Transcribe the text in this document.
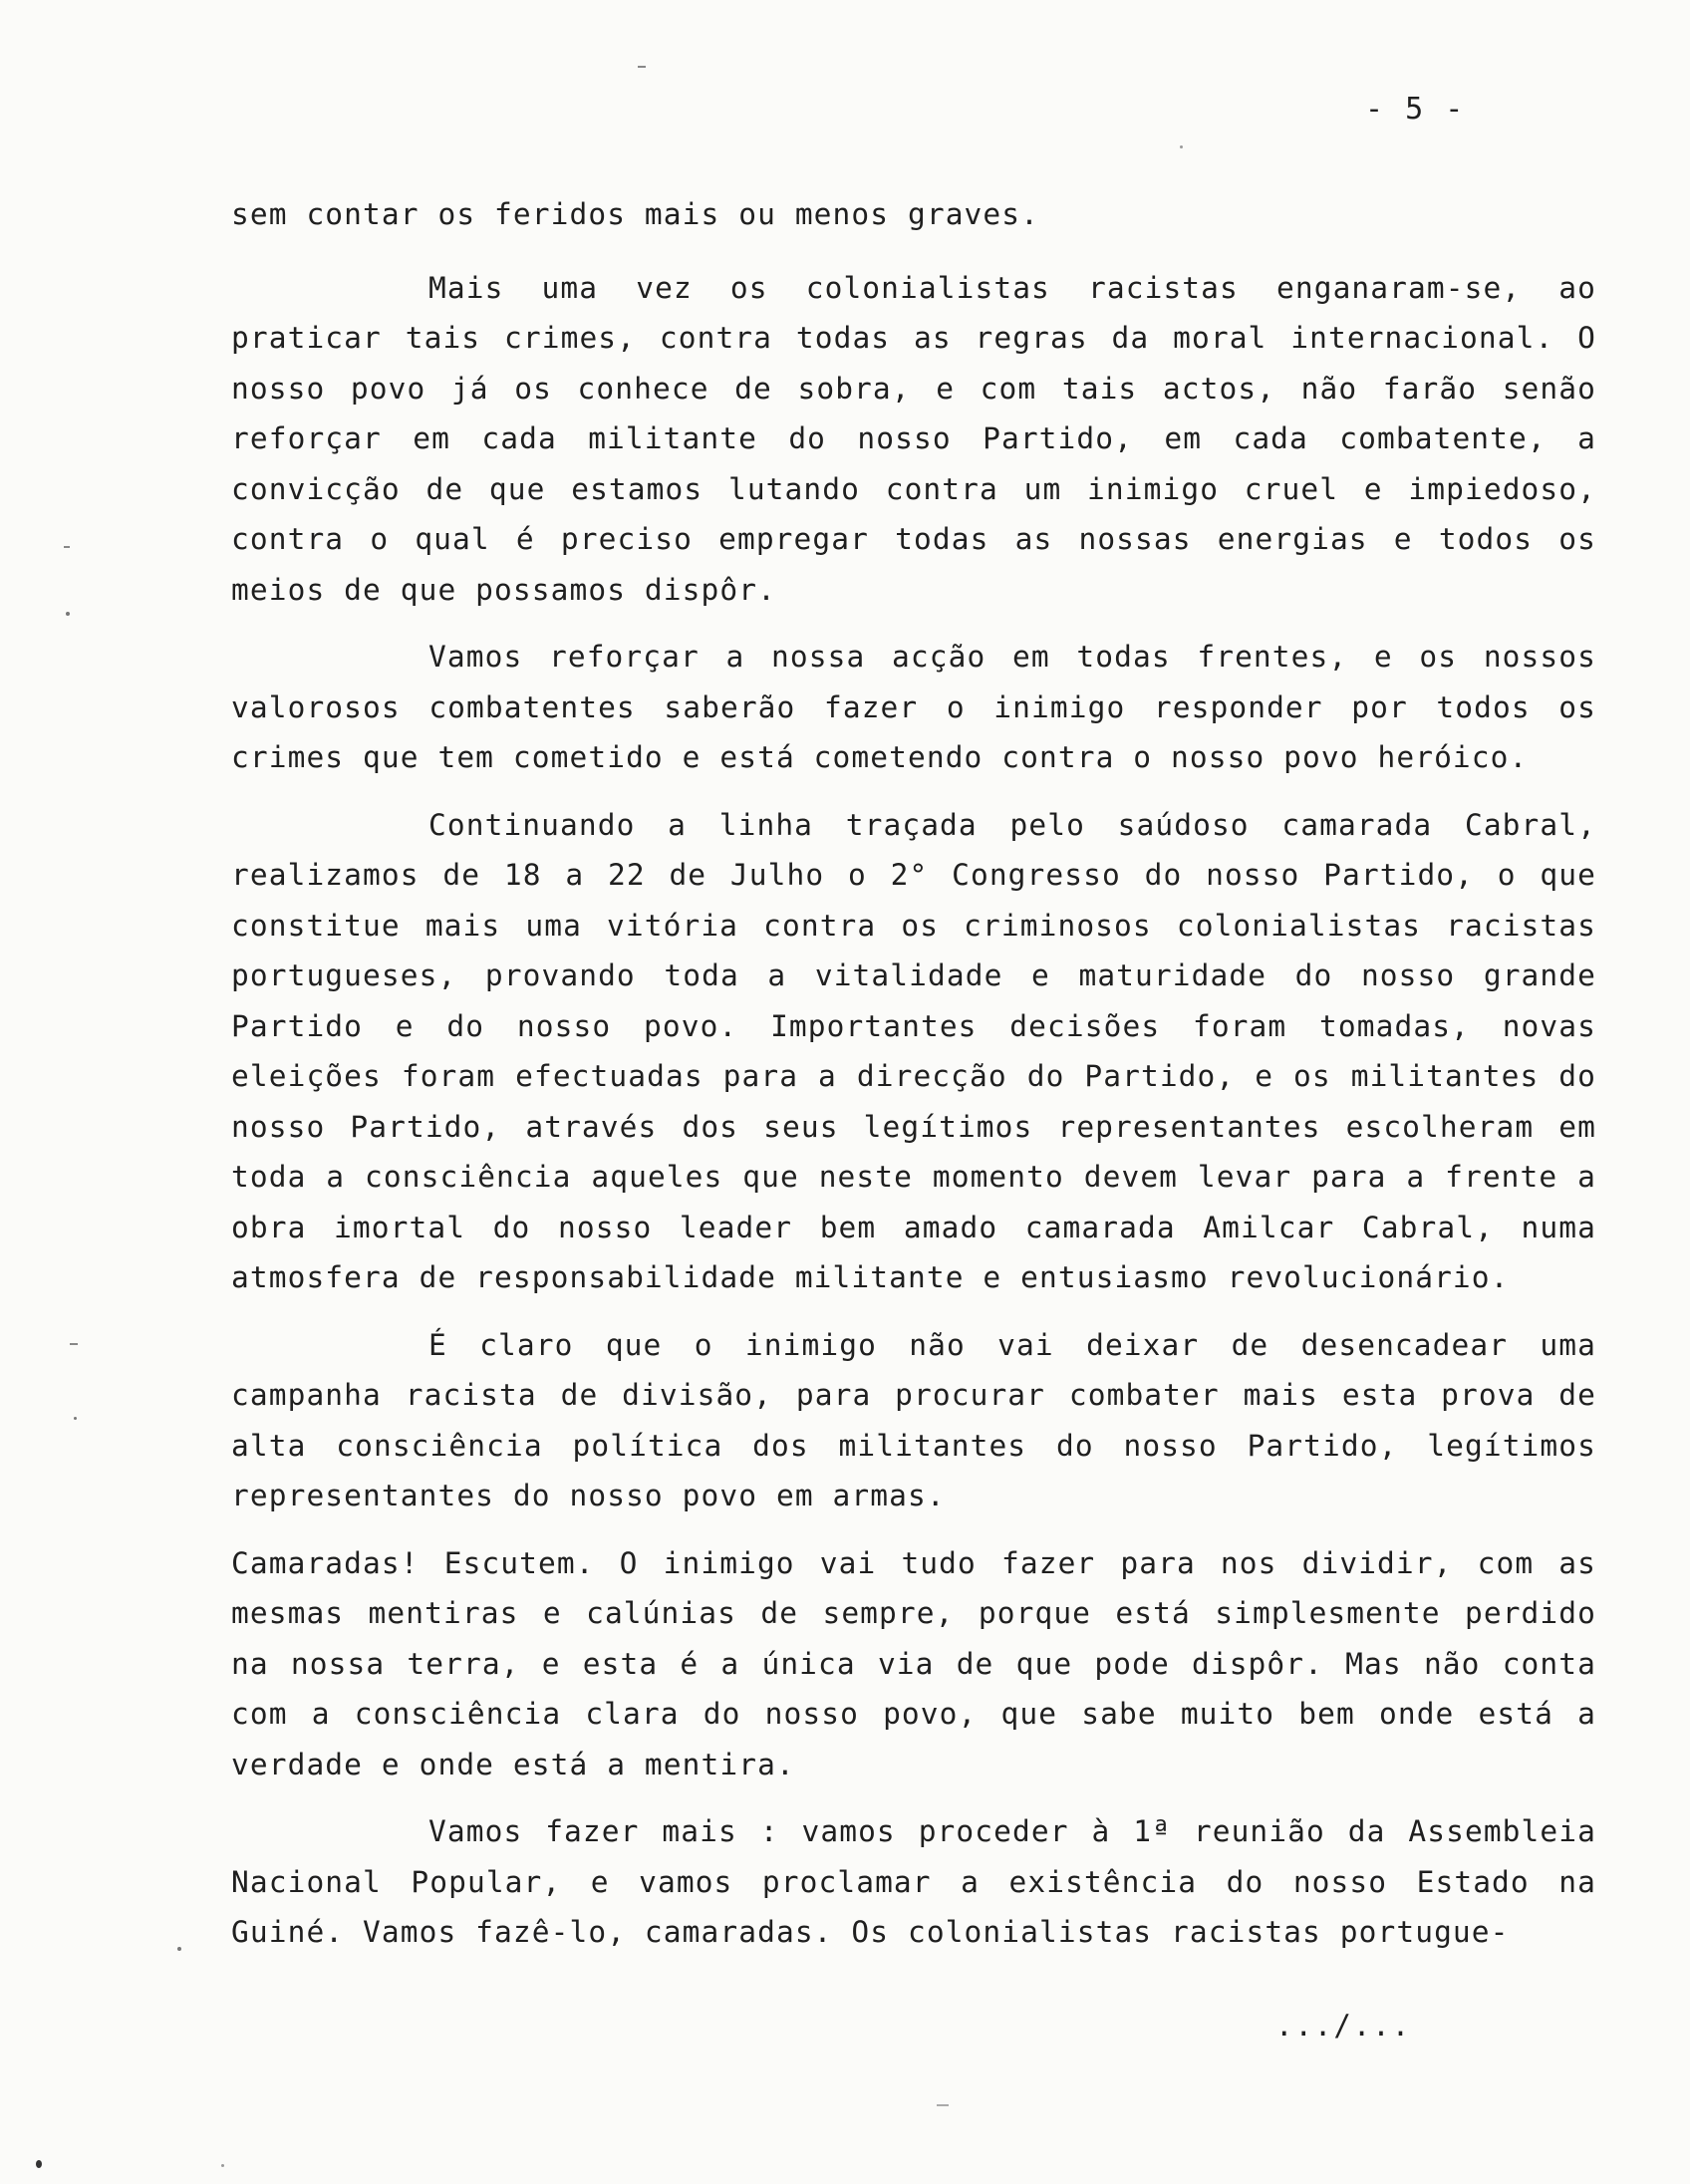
- 5 -

sem contar os feridos mais ou menos graves.

Mais uma vez os colonialistas racistas enganaram-se, ao praticar tais crimes, contra todas as regras da moral internacional. O nosso povo já os conhece de sobra, e com tais actos, não farão senão reforçar em cada militante do nosso Partido, em cada combatente, a convicção de que estamos lutando contra um inimigo cruel e impiedoso, contra o qual é preciso empregar todas as nossas energias e todos os meios de que possamos dispôr.

Vamos reforçar a nossa acção em todas frentes, e os nossos valorosos combatentes saberão fazer o inimigo responder por todos os crimes que tem cometido e está cometendo contra o nosso povo heróico.

Continuando a linha traçada pelo saúdoso camarada Cabral, realizamos de 18 a 22 de Julho o 2° Congresso do nosso Partido, o que constitue mais uma vitória contra os criminosos colonialistas racistas portugueses, provando toda a vitalidade e maturidade do nosso grande Partido e do nosso povo. Importantes decisões foram tomadas, novas eleições foram efectuadas para a direcção do Partido, e os militantes do nosso Partido, através dos seus legítimos representantes escolheram em toda a consciência aqueles que neste momento devem levar para a frente a obra imortal do nosso leader bem amado camarada Amilcar Cabral, numa atmosfera de responsabilidade militante e entusiasmo revolucionário.

É claro que o inimigo não vai deixar de desencadear uma campanha racista de divisão, para procurar combater mais esta prova de alta consciência política dos militantes do nosso Partido, legítimos representantes do nosso povo em armas.

Camaradas! Escutem. O inimigo vai tudo fazer para nos dividir, com as mesmas mentiras e calúnias de sempre, porque está simplesmente perdido na nossa terra, e esta é a única via de que pode dispôr. Mas não conta com a consciência clara do nosso povo, que sabe muito bem onde está a verdade e onde está a mentira.

Vamos fazer mais : vamos proceder à 1ª reunião da Assembleia Nacional Popular, e vamos proclamar a existência do nosso Estado na Guiné. Vamos fazê-lo, camaradas. Os colonialistas racistas portugue-

.../...
